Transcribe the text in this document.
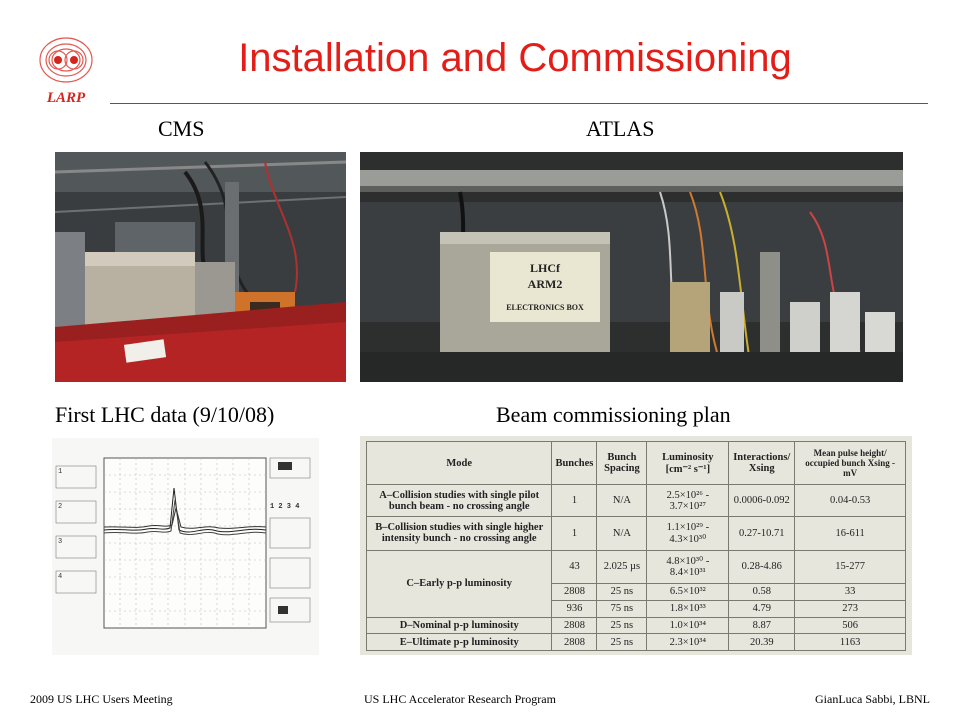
LARP
Installation and Commissioning
CMS	ATLAS
LHCf
ARM2
ELECTRONICS BOX
First LHC data (9/10/08)	Beam commissioning plan
1
2
3
4
1 2 3 4
Mode	Bunches	Bunch Spacing	Luminosity [cm⁻² s⁻¹]	Interactions/ Xsing	Mean pulse height/ occupied bunch Xsing - mV
A–Collision studies with single pilot bunch beam - no crossing angle	1	N/A	2.5×10²⁶ - 3.7×10²⁷	0.0006-0.092	0.04-0.53
B–Collision studies with single higher intensity bunch - no crossing angle	1	N/A	1.1×10²⁹ - 4.3×10³⁰	0.27-10.71	16-611
C–Early p-p luminosity	43	2.025 µs	4.8×10³⁰ - 8.4×10³¹	0.28-4.86	15-277
	2808	25 ns	6.5×10³²	0.58	33
	936	75 ns	1.8×10³³	4.79	273
D–Nominal p-p luminosity	2808	25 ns	1.0×10³⁴	8.87	506
E–Ultimate p-p luminosity	2808	25 ns	2.3×10³⁴	20.39	1163
2009 US LHC Users Meeting	US LHC Accelerator Research Program	GianLuca Sabbi, LBNL
